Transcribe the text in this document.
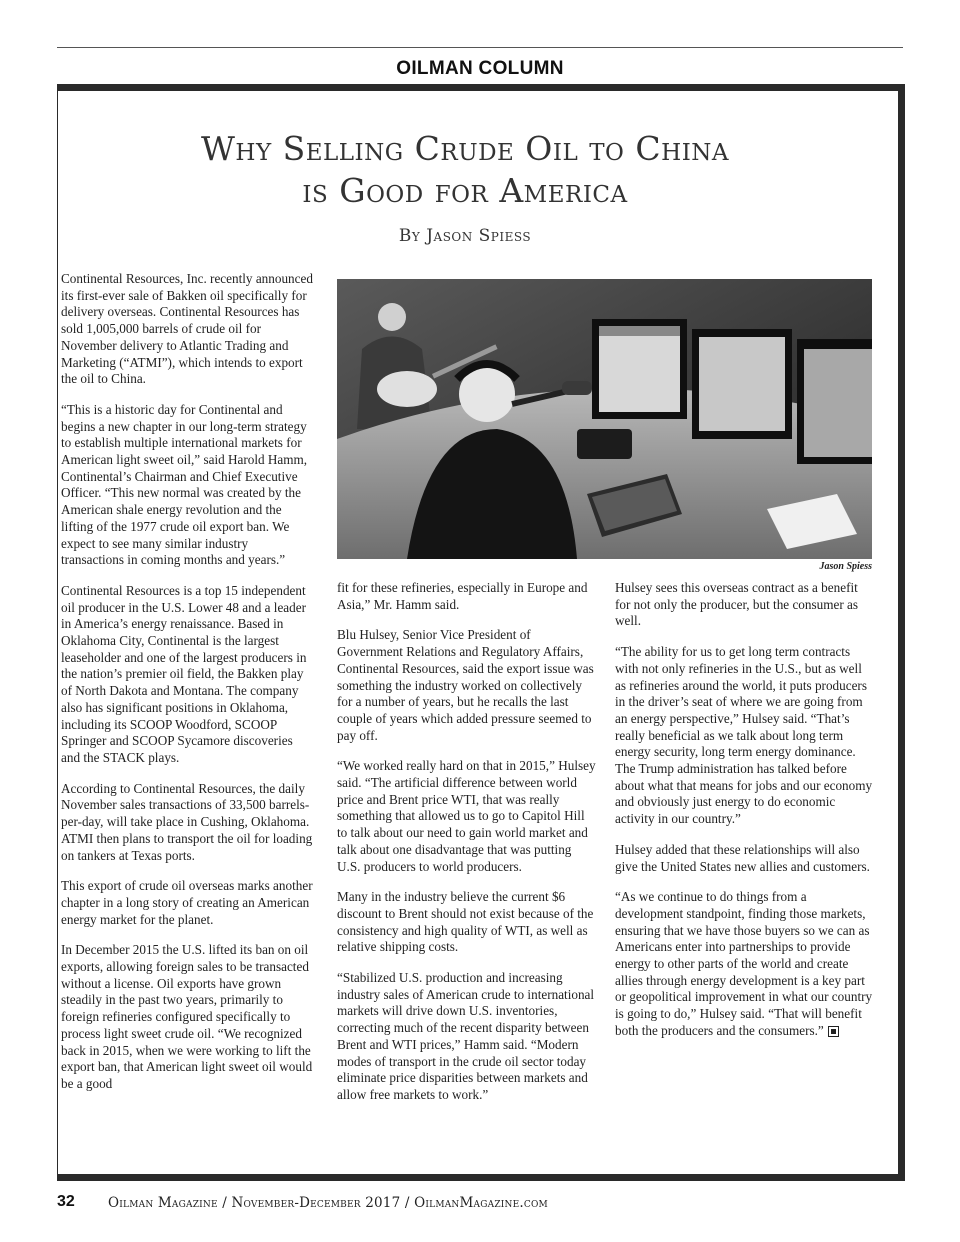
OILMAN COLUMN
Why Selling Crude Oil to China
is Good for America
By Jason Spiess

Continental Resources, Inc. recently announced its first-ever sale of Bakken oil specifically for delivery overseas. Continental Resources has sold 1,005,000 barrels of crude oil for November delivery to Atlantic Trading and Marketing (“ATMI”), which intends to export the oil to China.

“This is a historic day for Continental and begins a new chapter in our long-term strategy to establish multiple international markets for American light sweet oil,” said Harold Hamm, Continental’s Chairman and Chief Executive Officer. “This new normal was created by the American shale energy revolution and the lifting of the 1977 crude oil export ban. We expect to see many similar industry transactions in coming months and years.”

Continental Resources is a top 15 independent oil producer in the U.S. Lower 48 and a leader in America’s energy renaissance. Based in Oklahoma City, Continental is the largest leaseholder and one of the largest producers in the nation’s premier oil field, the Bakken play of North Dakota and Montana. The company also has significant positions in Oklahoma, including its SCOOP Woodford, SCOOP Springer and SCOOP Sycamore discoveries and the STACK plays.

According to Continental Resources, the daily November sales transactions of 33,500 barrels-per-day, will take place in Cushing, Oklahoma. ATMI then plans to transport the oil for loading on tankers at Texas ports.

This export of crude oil overseas marks another chapter in a long story of creating an American energy market for the planet.

In December 2015 the U.S. lifted its ban on oil exports, allowing foreign sales to be transacted without a license. Oil exports have grown steadily in the past two years, primarily to foreign refineries configured specifically to process light sweet crude oil. “We recognized back in 2015, when we were working to lift the export ban, that American light sweet oil would be a good

Jason Spiess

fit for these refineries, especially in Europe and Asia,” Mr. Hamm said.

Blu Hulsey, Senior Vice President of Government Relations and Regulatory Affairs, Continental Resources, said the export issue was something the industry worked on collectively for a number of years, but he recalls the last couple of years which added pressure seemed to pay off.

“We worked really hard on that in 2015,” Hulsey said. “The artificial difference between world price and Brent price WTI, that was really something that allowed us to go to Capitol Hill to talk about our need to gain world market and talk about one disadvantage that was putting U.S. producers to world producers.

Many in the industry believe the current $6 discount to Brent should not exist because of the consistency and high quality of WTI, as well as relative shipping costs.

“Stabilized U.S. production and increasing industry sales of American crude to international markets will drive down U.S. inventories, correcting much of the recent disparity between Brent and WTI prices,” Hamm said. “Modern modes of transport in the crude oil sector today eliminate price disparities between markets and allow free markets to work.”

Hulsey sees this overseas contract as a benefit for not only the producer, but the consumer as well.

“The ability for us to get long term contracts with not only refineries in the U.S., but as well as refineries around the world, it puts producers in the driver’s seat of where we are going from an energy perspective,” Hulsey said. “That’s really beneficial as we talk about long term energy security, long term energy dominance. The Trump administration has talked before about what that means for jobs and our economy and obviously just energy to do economic activity in our country.”

Hulsey added that these relationships will also give the United States new allies and customers.

“As we continue to do things from a development standpoint, finding those markets, ensuring that we have those buyers so we can as Americans enter into partnerships to provide energy to other parts of the world and create allies through energy development is a key part or geopolitical improvement in what our country is going to do,” Hulsey said. “That will benefit both the producers and the consumers.”

32 Oilman Magazine / November-December 2017 / OilmanMagazine.com
